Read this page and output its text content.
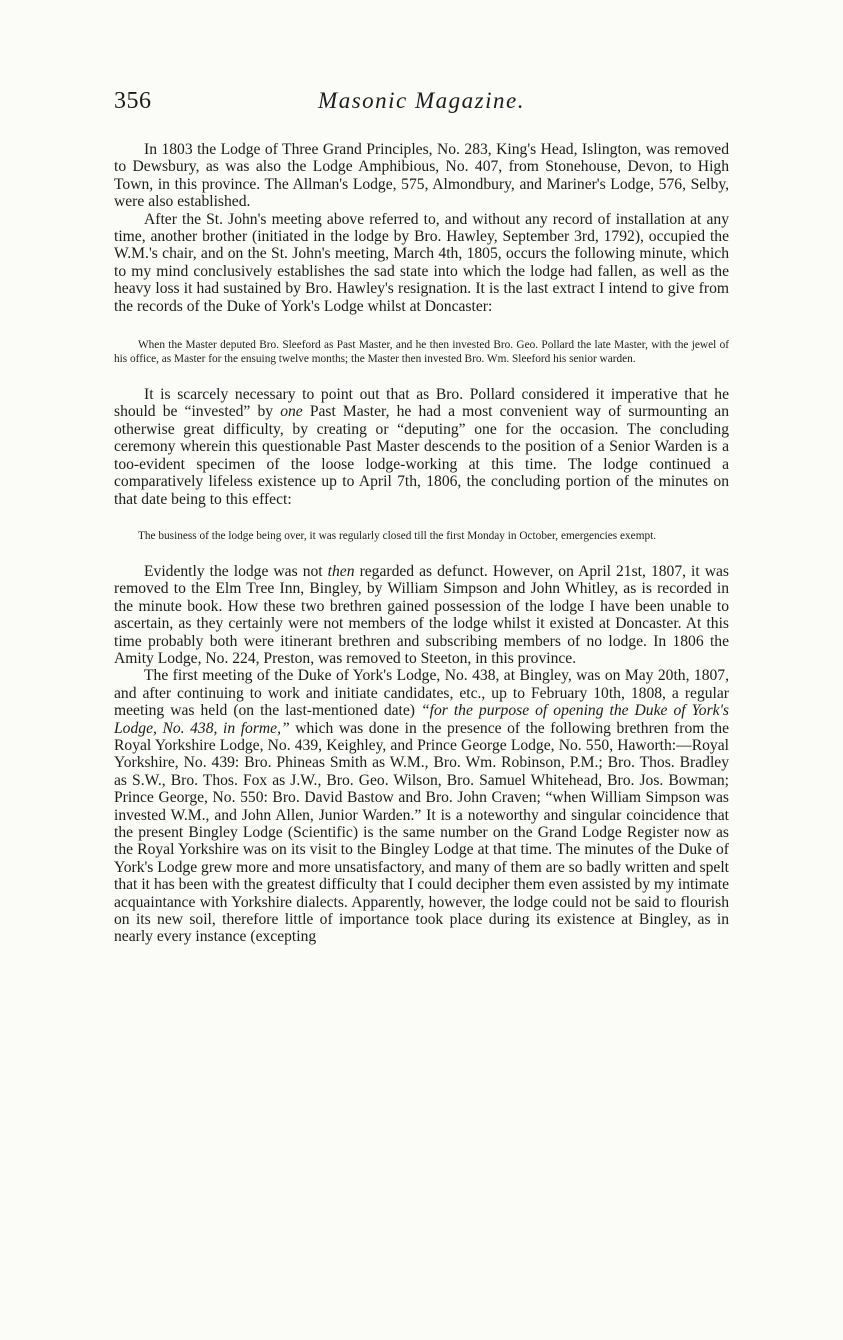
356	Masonic Magazine.

In 1803 the Lodge of Three Grand Principles, No. 283, King's Head, Islington, was removed to Dewsbury, as was also the Lodge Amphibious, No. 407, from Stonehouse, Devon, to High Town, in this province. The Allman's Lodge, 575, Almondbury, and Mariner's Lodge, 576, Selby, were also established.

After the St. John's meeting above referred to, and without any record of installation at any time, another brother (initiated in the lodge by Bro. Hawley, September 3rd, 1792), occupied the W.M.'s chair, and on the St. John's meeting, March 4th, 1805, occurs the following minute, which to my mind conclusively establishes the sad state into which the lodge had fallen, as well as the heavy loss it had sustained by Bro. Hawley's resignation. It is the last extract I intend to give from the records of the Duke of York's Lodge whilst at Doncaster:

When the Master deputed Bro. Sleeford as Past Master, and he then invested Bro. Geo. Pollard the late Master, with the jewel of his office, as Master for the ensuing twelve months; the Master then invested Bro. Wm. Sleeford his senior warden.

It is scarcely necessary to point out that as Bro. Pollard considered it imperative that he should be “invested” by one Past Master, he had a most convenient way of surmounting an otherwise great difficulty, by creating or “deputing” one for the occasion. The concluding ceremony wherein this questionable Past Master descends to the position of a Senior Warden is a too-evident specimen of the loose lodge-working at this time. The lodge continued a comparatively lifeless existence up to April 7th, 1806, the concluding portion of the minutes on that date being to this effect:

The business of the lodge being over, it was regularly closed till the first Monday in October, emergencies exempt.

Evidently the lodge was not then regarded as defunct. However, on April 21st, 1807, it was removed to the Elm Tree Inn, Bingley, by William Simpson and John Whitley, as is recorded in the minute book. How these two brethren gained possession of the lodge I have been unable to ascertain, as they certainly were not members of the lodge whilst it existed at Doncaster. At this time probably both were itinerant brethren and subscribing members of no lodge. In 1806 the Amity Lodge, No. 224, Preston, was removed to Steeton, in this province.

The first meeting of the Duke of York's Lodge, No. 438, at Bingley, was on May 20th, 1807, and after continuing to work and initiate candidates, etc., up to February 10th, 1808, a regular meeting was held (on the last-mentioned date) “for the purpose of opening the Duke of York's Lodge, No. 438, in forme,” which was done in the presence of the following brethren from the Royal Yorkshire Lodge, No. 439, Keighley, and Prince George Lodge, No. 550, Haworth:—Royal Yorkshire, No. 439: Bro. Phineas Smith as W.M., Bro. Wm. Robinson, P.M.; Bro. Thos. Bradley as S.W., Bro. Thos. Fox as J.W., Bro. Geo. Wilson, Bro. Samuel Whitehead, Bro. Jos. Bowman; Prince George, No. 550: Bro. David Bastow and Bro. John Craven; “when William Simpson was invested W.M., and John Allen, Junior Warden.” It is a noteworthy and singular coincidence that the present Bingley Lodge (Scientific) is the same number on the Grand Lodge Register now as the Royal Yorkshire was on its visit to the Bingley Lodge at that time. The minutes of the Duke of York's Lodge grew more and more unsatisfactory, and many of them are so badly written and spelt that it has been with the greatest difficulty that I could decipher them even assisted by my intimate acquaintance with Yorkshire dialects. Apparently, however, the lodge could not be said to flourish on its new soil, therefore little of importance took place during its existence at Bingley, as in nearly every instance (excepting
